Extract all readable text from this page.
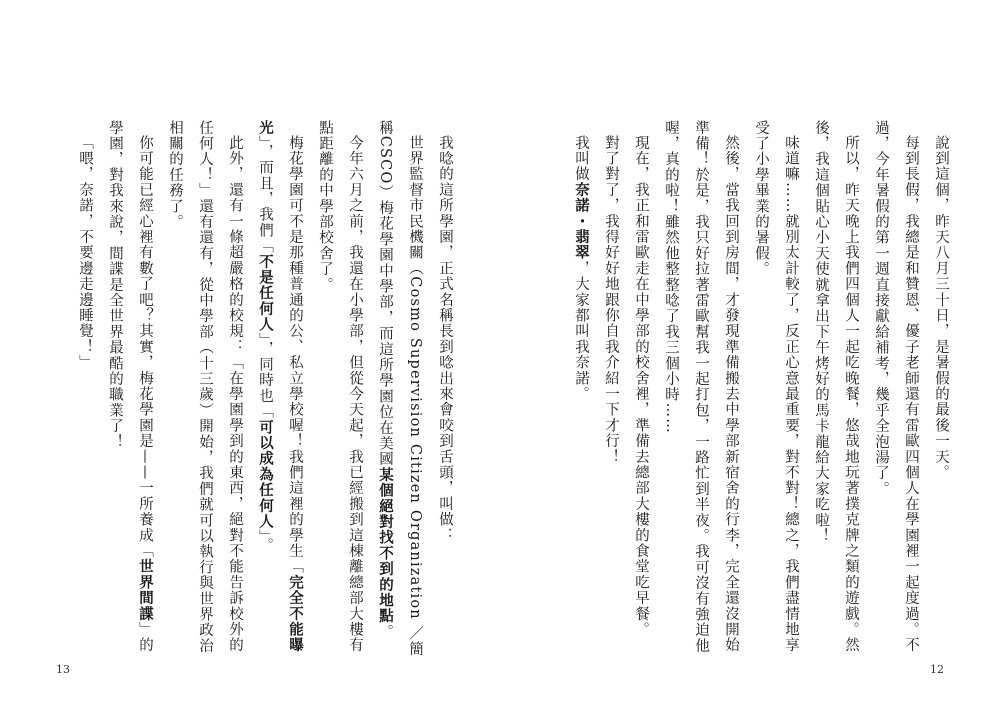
我唸的這所學園，正式名稱長到唸出來會咬到舌頭，叫做：

世界監督市民機關（Cosmo Supervision Citizen Organization ／簡稱CSCO）梅花學園中學部，而這所學園位在美國某個絕對找不到的地點。

今年六月之前，我還在小學部，但從今天起，我已經搬到這棟離總部大樓有點距離的中學部校舍了。

梅花學園可不是那種普通的公、私立學校喔！我們這裡的學生「完全不能曝光」，而且，我們「不是任何人」，同時也「可以成為任何人」。

此外，還有一條超嚴格的校規：「在學園學到的東西，絕對不能告訴校外的任何人！」還有還有，從中學部（十三歲）開始，我們就可以執行與世界政治相關的任務了。

你可能已經心裡有數了吧？其實，梅花學園是——一所養成「世界間諜」的學園，對我來說，間諜是全世界最酷的職業了！

「喂，奈諾，不要邊走邊睡覺！」

13

說到這個，昨天八月三十日，是暑假的最後一天。

每到長假，我總是和贊恩、優子老師還有雷歐四個人在學園裡一起度過。不過，今年暑假的第一週直接獻給補考，幾乎全泡湯了。

所以，昨天晚上我們四個人一起吃晚餐，悠哉地玩著撲克牌之類的遊戲。然後，我這個貼心小天使就拿出下午烤好的馬卡龍給大家吃啦！

味道嘛……就別太計較了，反正心意最重要，對不對！總之，我們盡情地享受了小學畢業的暑假。

然後，當我回到房間，才發現準備搬去中學部新宿舍的行李，完全還沒開始準備！於是，我只好拉著雷歐幫我一起打包，一路忙到半夜。我可沒有強迫他喔，真的啦！雖然他整整唸了我三個小時……

現在，我正和雷歐走在中學部的校舍裡，準備去總部大樓的食堂吃早餐。

對了對了，我得好好地跟你自我介紹一下才行！

我叫做奈諾・翡翠，大家都叫我奈諾。

12
